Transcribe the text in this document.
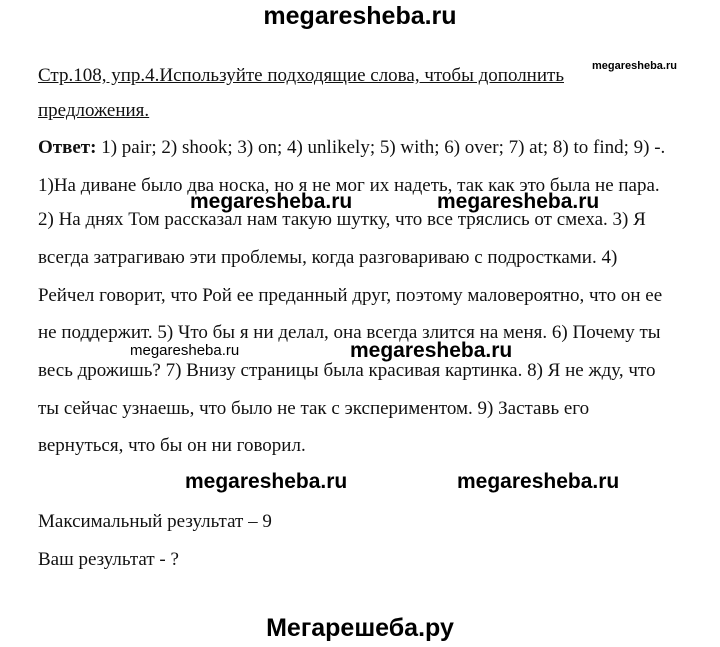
megaresheba.ru
Стр.108, упр.4.Используйте подходящие слова, чтобы дополнить	megaresheba.ru
предложения.
Ответ: 1) pair; 2) shook; 3) on; 4) unlikely; 5) with; 6) over; 7) at; 8) to find; 9) -.
1)На диване было два носка, но я не мог их надеть, так как это была не пара.
megaresheba.ru	megaresheba.ru
2) На днях Том рассказал нам такую шутку, что все тряслись от смеха. 3) Я
всегда затрагиваю эти проблемы, когда разговариваю с подростками. 4)
Рейчел говорит, что Рой ее преданный друг, поэтому маловероятно, что он ее
не поддержит. 5) Что бы я ни делал, она всегда злится на меня. 6) Почему ты
megaresheba.ru	megaresheba.ru
весь дрожишь? 7) Внизу страницы была красивая картинка. 8) Я не жду, что
ты сейчас узнаешь, что было не так с экспериментом. 9) Заставь его
вернуться, что бы он ни говорил.
megaresheba.ru	megaresheba.ru
Максимальный результат – 9
Ваш результат - ?
Мегарешеба.ру
